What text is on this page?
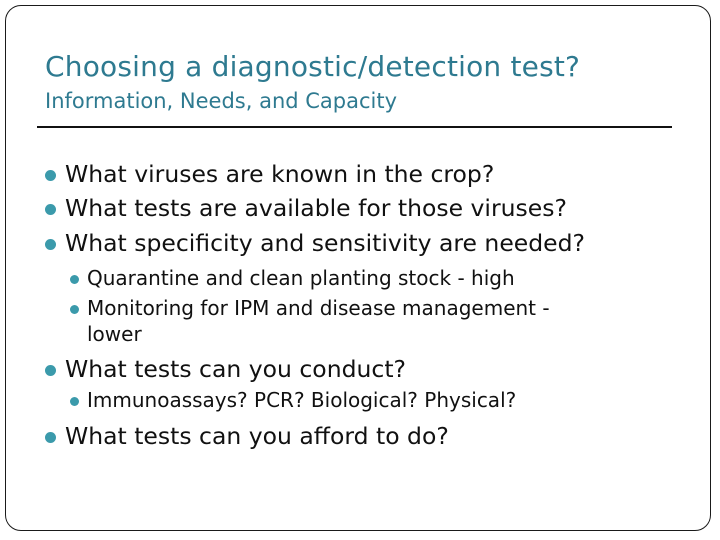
Choosing a diagnostic/detection test?
Information, Needs, and Capacity
What viruses are known in the crop?
What tests are available for those viruses?
What specificity and sensitivity are needed?
Quarantine and clean planting stock - high
Monitoring for IPM and disease management -
lower
What tests can you conduct?
Immunoassays? PCR? Biological? Physical?
What tests can you afford to do?
